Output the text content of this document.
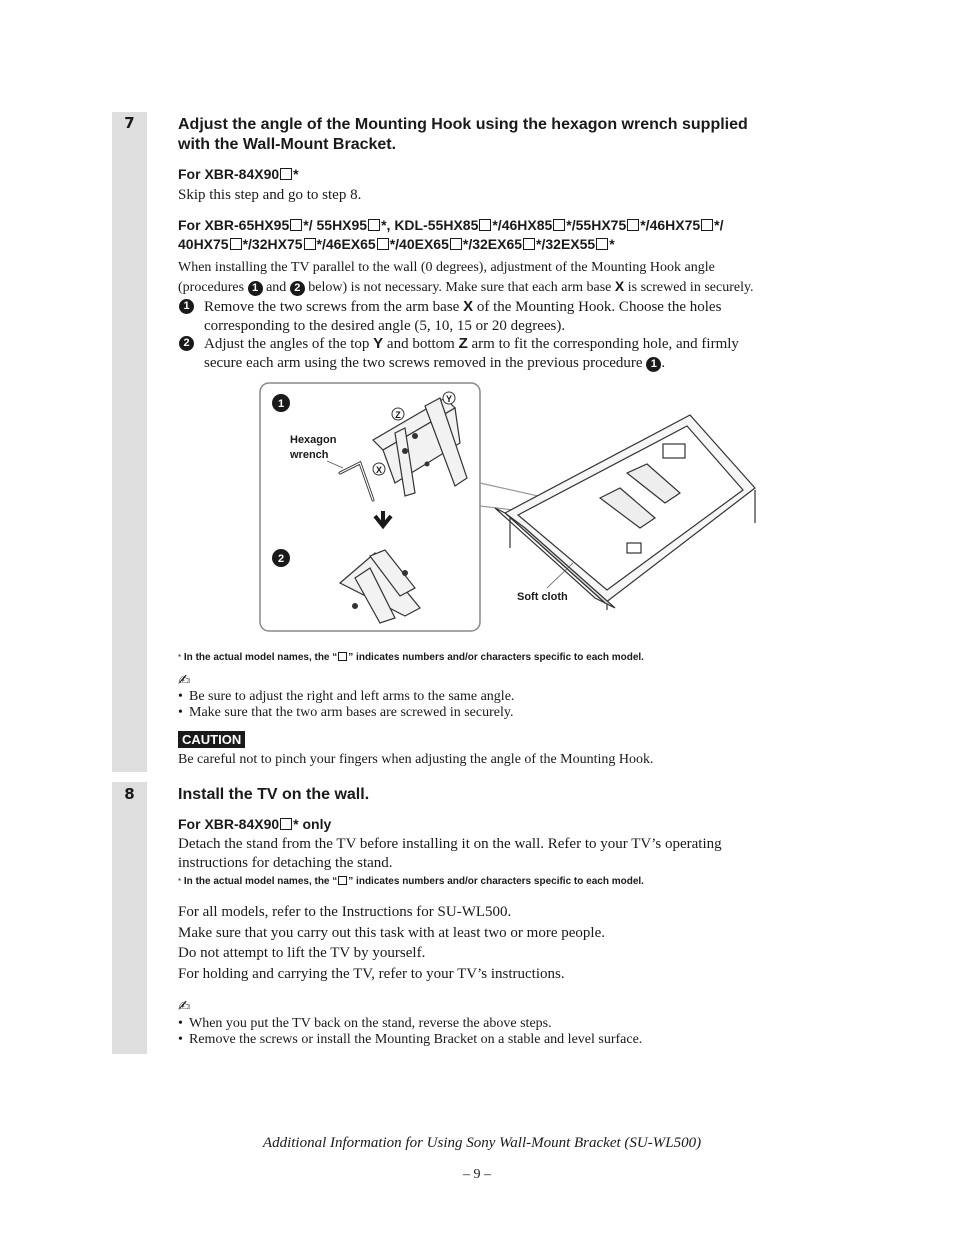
7
8
Adjust the angle of the Mounting Hook using the hexagon wrench supplied
with the Wall-Mount Bracket.
For XBR-84X90 *
Skip this step and go to step 8.
For XBR-65HX95 */ 55HX95 *, KDL-55HX85 */46HX85 */55HX75 */46HX75 */
40HX75 */32HX75 */46EX65 */40EX65 */32EX65 */32EX55 *
When installing the TV parallel to the wall (0 degrees), adjustment of the Mounting Hook angle
(procedures 1 and 2 below) is not necessary. Make sure that each arm base X is screwed in securely.
1 Remove the two screws from the arm base X of the Mounting Hook. Choose the holes
corresponding to the desired angle (5, 10, 15 or 20 degrees).
2 Adjust the angles of the top Y and bottom Z arm to fit the corresponding hole, and firmly
secure each arm using the two screws removed in the previous procedure 1 .
1
2
Hexagon
wrench
Z
Y
X
Soft cloth
* In the actual model names, the “ ” indicates numbers and/or characters specific to each model.
✍
• Be sure to adjust the right and left arms to the same angle.
• Make sure that the two arm bases are screwed in securely.
CAUTION
Be careful not to pinch your fingers when adjusting the angle of the Mounting Hook.
Install the TV on the wall.
For XBR-84X90 * only
Detach the stand from the TV before installing it on the wall. Refer to your TV’s operating
instructions for detaching the stand.
* In the actual model names, the “ ” indicates numbers and/or characters specific to each model.
For all models, refer to the Instructions for SU-WL500.
Make sure that you carry out this task with at least two or more people.
Do not attempt to lift the TV by yourself.
For holding and carrying the TV, refer to your TV’s instructions.
✍
• When you put the TV back on the stand, reverse the above steps.
• Remove the screws or install the Mounting Bracket on a stable and level surface.
Additional Information for Using Sony Wall-Mount Bracket (SU-WL500)
– 9 –
